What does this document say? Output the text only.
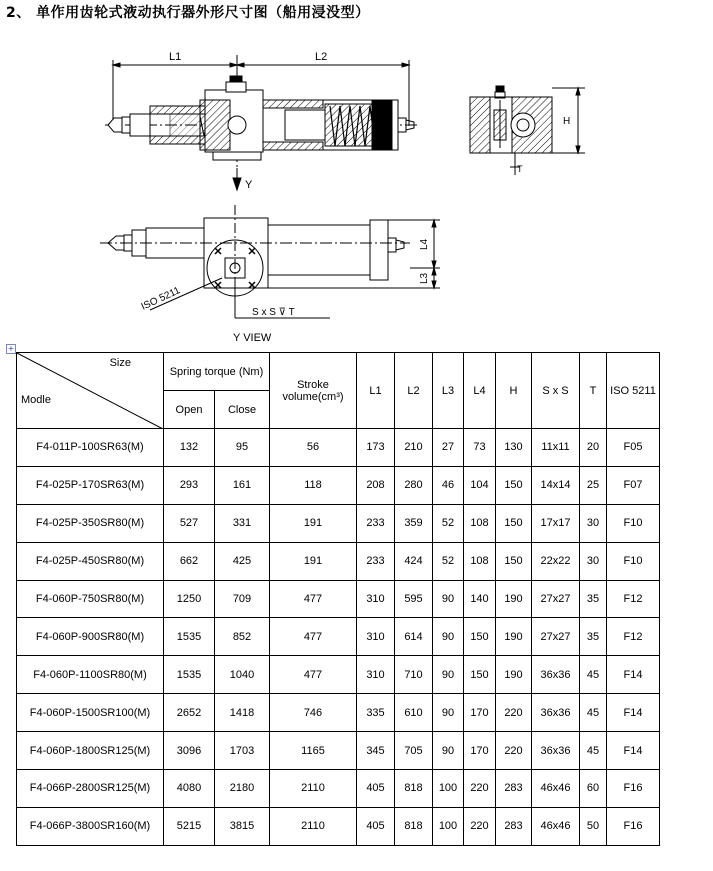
2、 单作用齿轮式液动执行器外形尺寸图（船用浸没型）
L1	L2
Y
H
T
L4
L3
ISO 5211	S x S ⊽ T
Y VIEW
+
Size
Modle	Spring torque (Nm)		Stroke volume(cm³)	L1	L2	L3	L4	H	S x S	T	ISO 5211
	Open	Close									
F4-011P-100SR63(M)	132	95	56	173	210	27	73	130	11x11	20	F05
F4-025P-170SR63(M)	293	161	118	208	280	46	104	150	14x14	25	F07
F4-025P-350SR80(M)	527	331	191	233	359	52	108	150	17x17	30	F10
F4-025P-450SR80(M)	662	425	191	233	424	52	108	150	22x22	30	F10
F4-060P-750SR80(M)	1250	709	477	310	595	90	140	190	27x27	35	F12
F4-060P-900SR80(M)	1535	852	477	310	614	90	150	190	27x27	35	F12
F4-060P-1100SR80(M)	1535	1040	477	310	710	90	150	190	36x36	45	F14
F4-060P-1500SR100(M)	2652	1418	746	335	610	90	170	220	36x36	45	F14
F4-060P-1800SR125(M)	3096	1703	1165	345	705	90	170	220	36x36	45	F14
F4-066P-2800SR125(M)	4080	2180	2110	405	818	100	220	283	46x46	60	F16
F4-066P-3800SR160(M)	5215	3815	2110	405	818	100	220	283	46x46	50	F16
